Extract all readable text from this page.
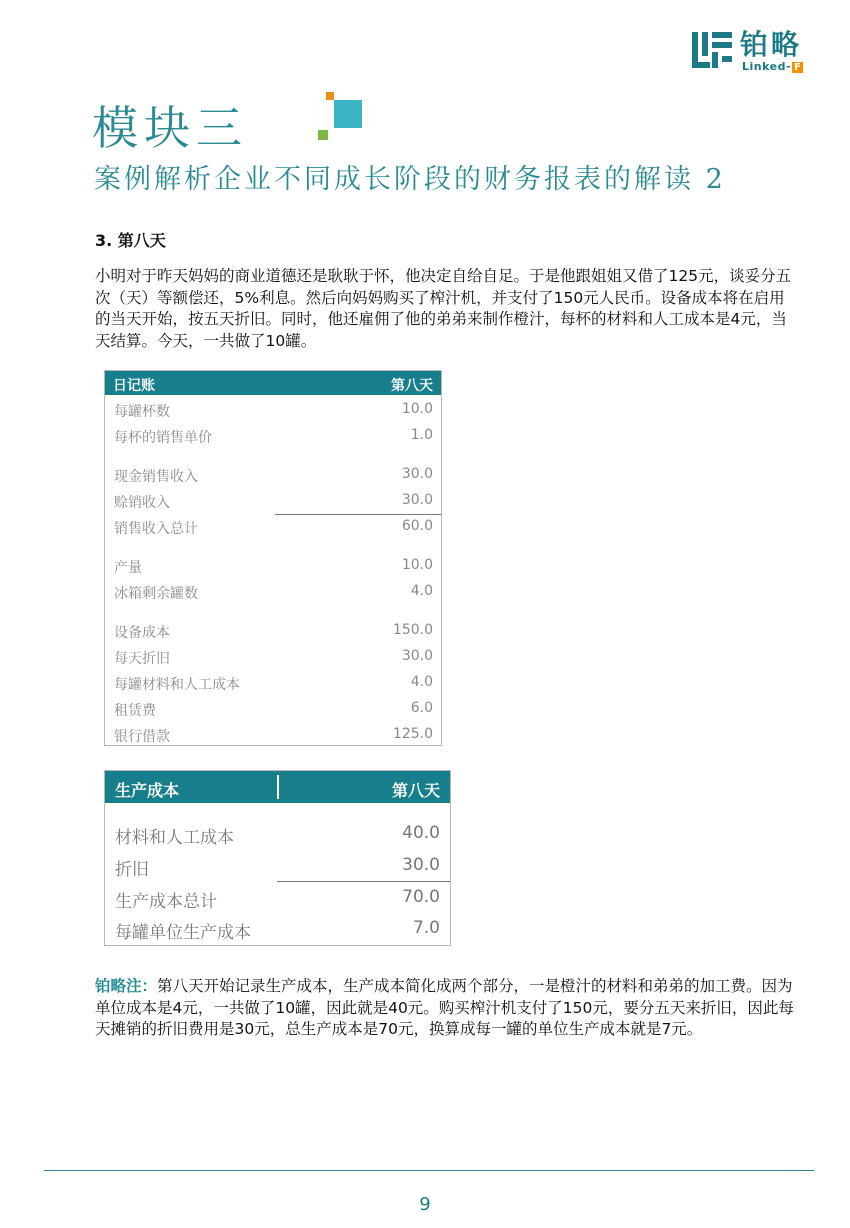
铂略
Linked- F
模块三
案例解析企业不同成长阶段的财务报表的解读 2
3. 第八天
小明对于昨天妈妈的商业道德还是耿耿于怀，他决定自给自足。于是他跟姐姐又借了125元，谈妥分五次（天）等额偿还，5%利息。然后向妈妈购买了榨汁机，并支付了150元人民币。设备成本将在启用的当天开始，按五天折旧。同时，他还雇佣了他的弟弟来制作橙汁，每杯的材料和人工成本是4元，当天结算。今天，一共做了10罐。
日记账	第八天
每罐杯数	10.0
每杯的销售单价	1.0
现金销售收入	30.0
赊销收入	30.0
销售收入总计	60.0
产量	10.0
冰箱剩余罐数	4.0
设备成本	150.0
每天折旧	30.0
每罐材料和人工成本	4.0
租赁费	6.0
银行借款	125.0
生产成本	第八天
材料和人工成本	40.0
折旧	30.0
生产成本总计	70.0
每罐单位生产成本	7.0
铂略注：第八天开始记录生产成本，生产成本简化成两个部分，一是橙汁的材料和弟弟的加工费。因为单位成本是4元，一共做了10罐，因此就是40元。购买榨汁机支付了150元，要分五天来折旧，因此每天摊销的折旧费用是30元，总生产成本是70元，换算成每一罐的单位生产成本就是7元。
9
